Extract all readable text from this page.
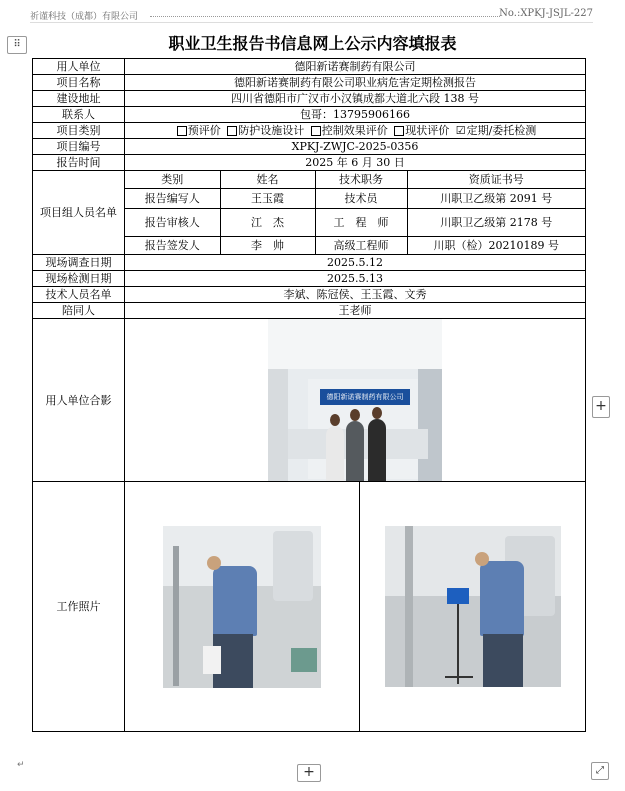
祈谨科技（成都）有限公司	No.:XPKJ-JSJL-227
⠿	职业卫生报告书信息网上公示内容填报表
用人单位	德阳新诺赛制药有限公司
项目名称	德阳新诺赛制药有限公司职业病危害定期检测报告
建设地址	四川省德阳市广汉市小汉镇成都大道北六段 138 号
联系人	包哥：13795906166
项目类别	预评价 防护设施设计 控制效果评价 现状评价 ☑定期/委托检测
项目编号	XPKJ-ZWJC-2025-0356
报告时间	2025 年 6 月 30 日
项目组人员名单	
类别	姓名	技术职务	资质证书号
报告编写人	王玉霞	技术员	川职卫乙级第 2091 号
报告审核人	江　杰	工　程　师	川职卫乙级第 2178 号
报告签发人	李　帅	高级工程师	川职（检）20210189 号

现场调查日期	2025.5.12
现场检测日期	2025.5.13
技术人员名单	李斌、陈冠侯、王玉霞、文秀
陪同人	王老师
用人单位合影	德阳新诺赛制药有限公司

工作照片	

↵	+
+
⤢
